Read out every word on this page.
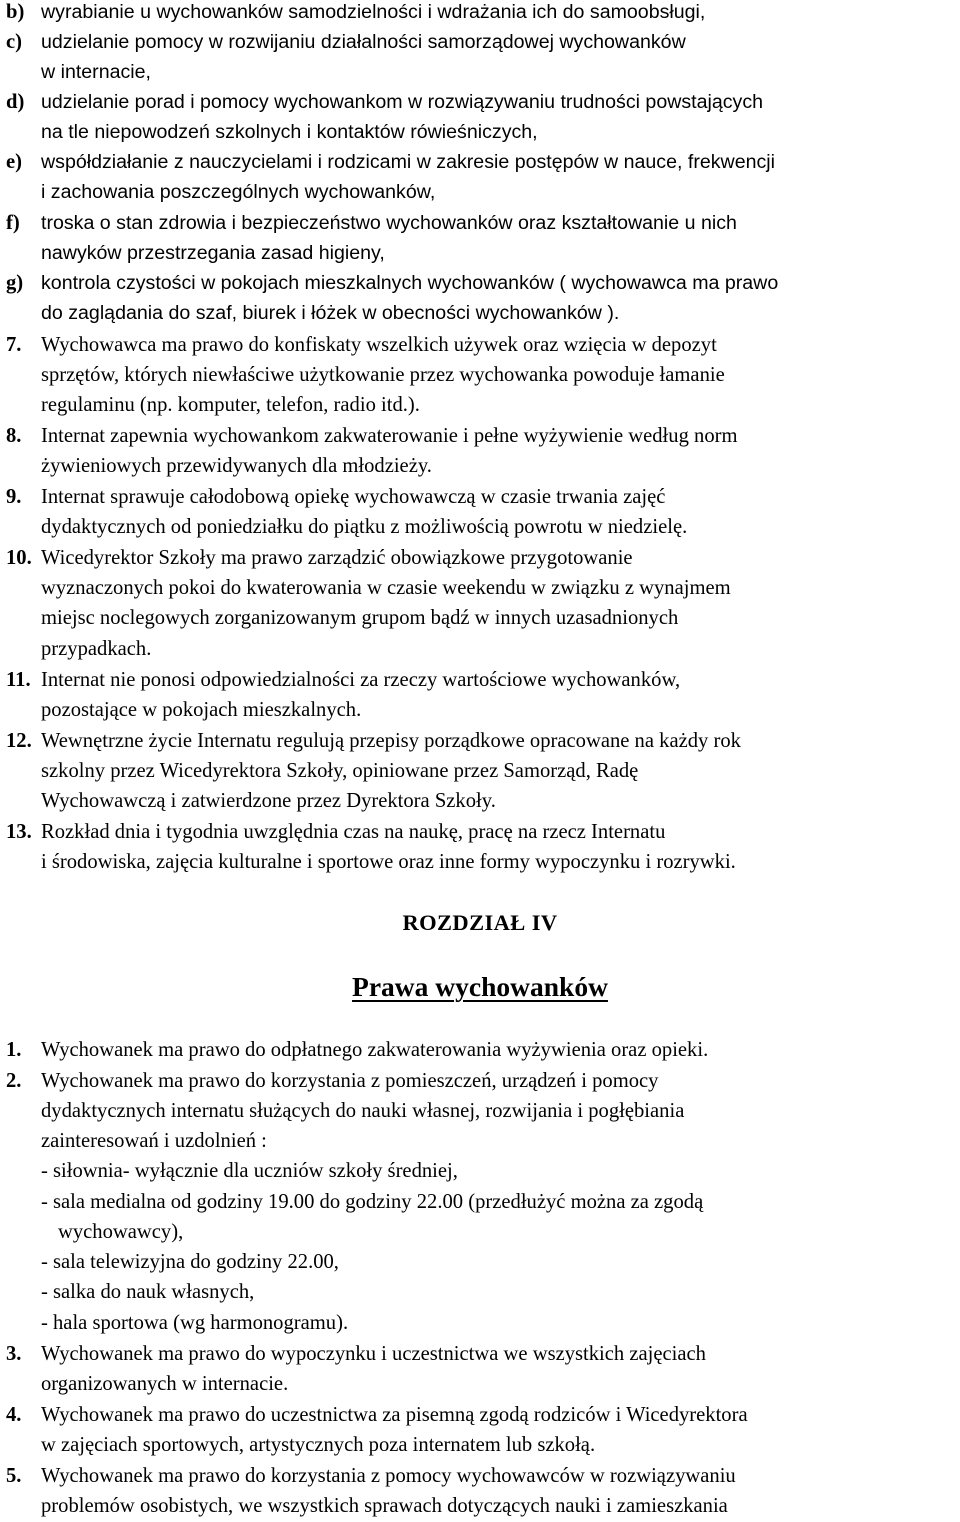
b) wyrabianie u wychowanków samodzielności i wdrażania ich do samoobsługi,
c) udzielanie pomocy w rozwijaniu działalności samorządowej wychowanków
w internacie,
d) udzielanie porad i pomocy wychowankom w rozwiązywaniu trudności powstających
na tle niepowodzeń szkolnych i kontaktów rówieśniczych,
e) współdziałanie z nauczycielami i rodzicami w zakresie postępów w nauce, frekwencji
i zachowania poszczególnych wychowanków,
f) troska o stan zdrowia i bezpieczeństwo wychowanków oraz kształtowanie u nich
nawyków przestrzegania zasad higieny,
g) kontrola czystości w pokojach mieszkalnych wychowanków ( wychowawca ma prawo
do zaglądania do szaf, biurek i łóżek w obecności wychowanków ).
7. Wychowawca ma prawo do konfiskaty wszelkich używek oraz wzięcia w depozyt
sprzętów, których niewłaściwe użytkowanie przez wychowanka powoduje łamanie
regulaminu (np. komputer, telefon, radio itd.).
8. Internat zapewnia wychowankom zakwaterowanie i pełne wyżywienie według norm
żywieniowych przewidywanych dla młodzieży.
9. Internat sprawuje całodobową opiekę wychowawczą w czasie trwania zajęć
dydaktycznych od poniedziałku do piątku z możliwością powrotu w niedzielę.
10. Wicedyrektor Szkoły ma prawo zarządzić obowiązkowe przygotowanie
wyznaczonych pokoi do kwaterowania w czasie weekendu w związku z wynajmem
miejsc noclegowych zorganizowanym grupom bądź w innych uzasadnionych
przypadkach.
11. Internat nie ponosi odpowiedzialności za rzeczy wartościowe wychowanków,
pozostające w pokojach mieszkalnych.
12. Wewnętrzne życie Internatu regulują przepisy porządkowe opracowane na każdy rok
szkolny przez Wicedyrektora Szkoły, opiniowane przez Samorząd, Radę
Wychowawczą i zatwierdzone przez Dyrektora Szkoły.
13. Rozkład dnia i tygodnia uwzględnia czas na naukę, pracę na rzecz Internatu
i środowiska, zajęcia kulturalne i sportowe oraz inne formy wypoczynku i rozrywki.
ROZDZIAŁ IV
Prawa wychowanków
1. Wychowanek ma prawo do odpłatnego zakwaterowania wyżywienia oraz opieki.
2. Wychowanek ma prawo do korzystania z pomieszczeń, urządzeń i pomocy
dydaktycznych internatu służących do nauki własnej, rozwijania i pogłębiania
zainteresowań i uzdolnień :
- siłownia- wyłącznie dla uczniów szkoły średniej,
- sala medialna od godziny 19.00 do godziny 22.00 (przedłużyć można za zgodą
wychowawcy),
- sala telewizyjna do godziny 22.00,
- salka do nauk własnych,
- hala sportowa (wg harmonogramu).
3. Wychowanek ma prawo do wypoczynku i uczestnictwa we wszystkich zajęciach
organizowanych w internacie.
4. Wychowanek ma prawo do uczestnictwa za pisemną zgodą rodziców i Wicedyrektora
w zajęciach sportowych, artystycznych poza internatem lub szkołą.
5. Wychowanek ma prawo do korzystania z pomocy wychowawców w rozwiązywaniu
problemów osobistych, we wszystkich sprawach dotyczących nauki i zamieszkania
